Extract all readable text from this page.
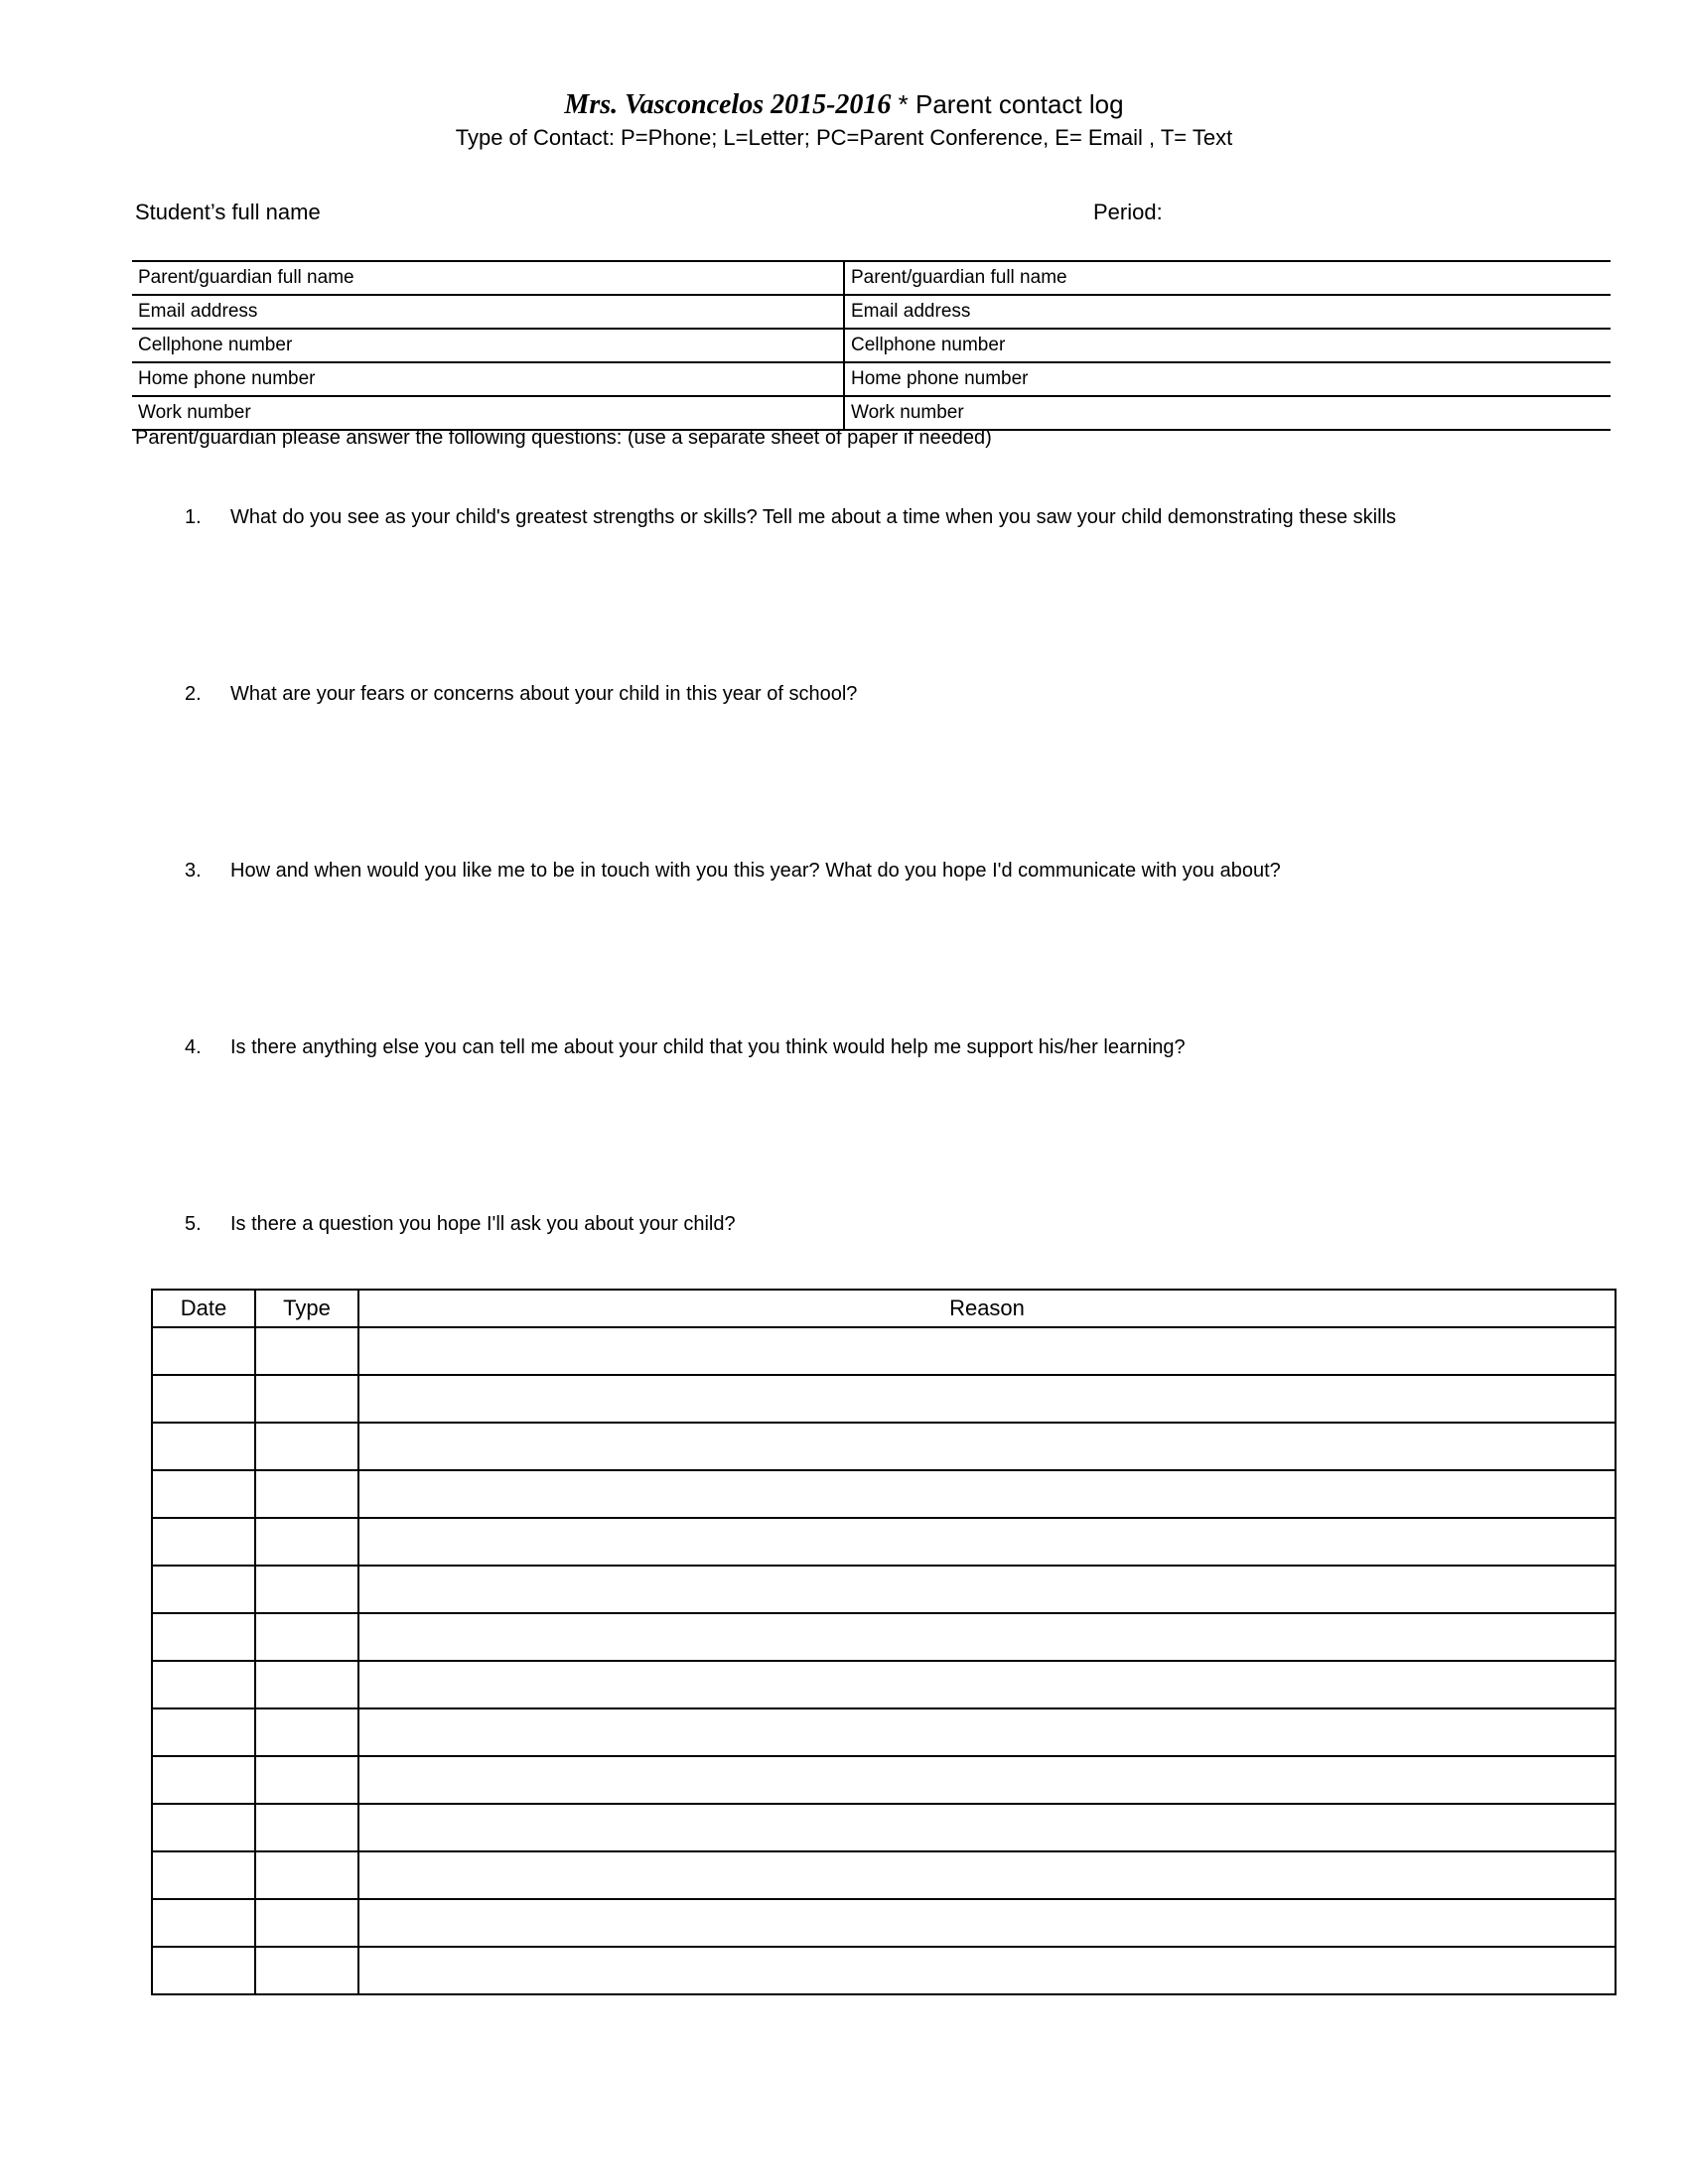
Mrs. Vasconcelos 2015-2016 * Parent contact log
Type of Contact: P=Phone; L=Letter; PC=Parent Conference, E= Email , T= Text
Student’s full name	Period:
Parent/guardian full name	Parent/guardian full name
Email address	Email address
Cellphone number	Cellphone number
Home phone number	Home phone number
Work number	Work number
Parent/guardian please answer the following questions: (use a separate sheet of paper if needed)
1.	What do you see as your child's greatest strengths or skills? Tell me about a time when you saw your child demonstrating these skills
2.	What are your fears or concerns about your child in this year of school?
3.	How and when would you like me to be in touch with you this year? What do you hope I'd communicate with you about?
4.	Is there anything else you can tell me about your child that you think would help me support his/her learning?
5.	Is there a question you hope I'll ask you about your child?
Date	Type	Reason
